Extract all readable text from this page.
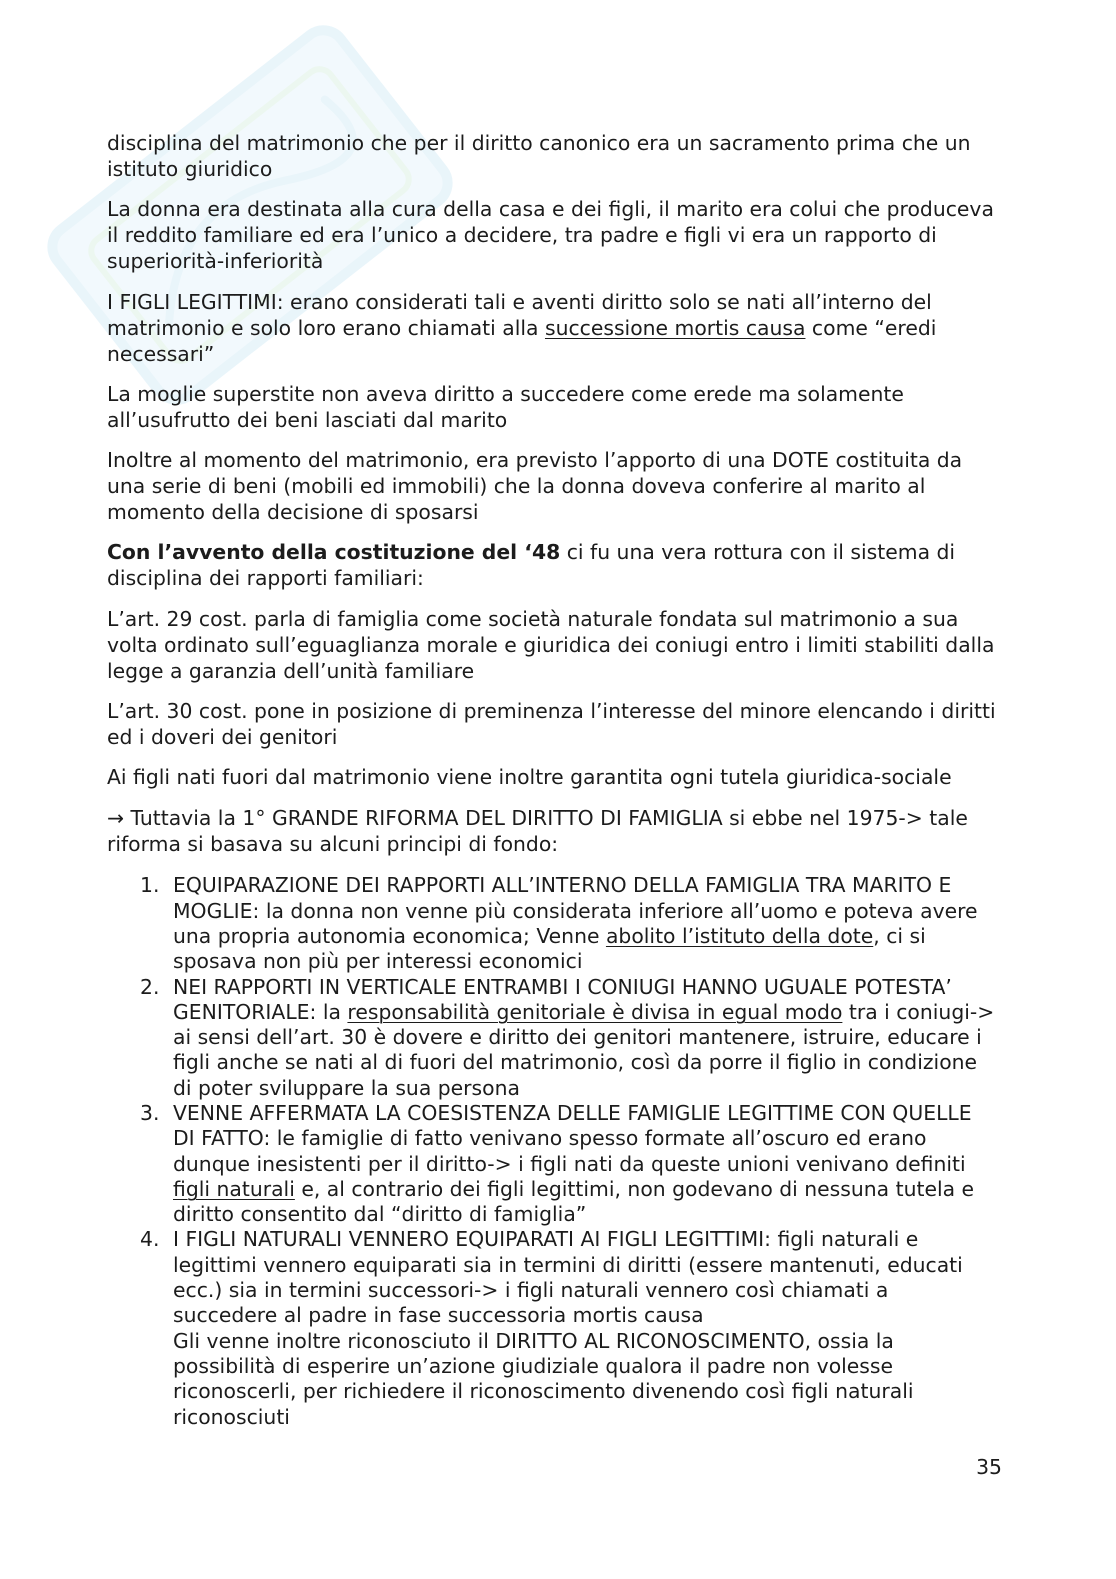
disciplina del matrimonio che per il diritto canonico era un sacramento prima che un
istituto giuridico
La donna era destinata alla cura della casa e dei figli, il marito era colui che produceva
il reddito familiare ed era l’unico a decidere, tra padre e figli vi era un rapporto di
superiorità-inferiorità
I FIGLI LEGITTIMI: erano considerati tali e aventi diritto solo se nati all’interno del
matrimonio e solo loro erano chiamati alla successione mortis causa come “eredi
necessari”
La moglie superstite non aveva diritto a succedere come erede ma solamente
all’usufrutto dei beni lasciati dal marito
Inoltre al momento del matrimonio, era previsto l’apporto di una DOTE costituita da
una serie di beni (mobili ed immobili) che la donna doveva conferire al marito al
momento della decisione di sposarsi
Con l’avvento della costituzione del ‘48 ci fu una vera rottura con il sistema di
disciplina dei rapporti familiari:
L’art. 29 cost. parla di famiglia come società naturale fondata sul matrimonio a sua
volta ordinato sull’eguaglianza morale e giuridica dei coniugi entro i limiti stabiliti dalla
legge a garanzia dell’unità familiare
L’art. 30 cost. pone in posizione di preminenza l’interesse del minore elencando i diritti
ed i doveri dei genitori
Ai figli nati fuori dal matrimonio viene inoltre garantita ogni tutela giuridica-sociale
→ Tuttavia la 1° GRANDE RIFORMA DEL DIRITTO DI FAMIGLIA si ebbe nel 1975-> tale
riforma si basava su alcuni principi di fondo:
1. EQUIPARAZIONE DEI RAPPORTI ALL’INTERNO DELLA FAMIGLIA TRA MARITO E
MOGLIE: la donna non venne più considerata inferiore all’uomo e poteva avere
una propria autonomia economica; Venne abolito l’istituto della dote, ci si
sposava non più per interessi economici
2. NEI RAPPORTI IN VERTICALE ENTRAMBI I CONIUGI HANNO UGUALE POTESTA’
GENITORIALE: la responsabilità genitoriale è divisa in egual modo tra i coniugi->
ai sensi dell’art. 30 è dovere e diritto dei genitori mantenere, istruire, educare i
figli anche se nati al di fuori del matrimonio, così da porre il figlio in condizione
di poter sviluppare la sua persona
3. VENNE AFFERMATA LA COESISTENZA DELLE FAMIGLIE LEGITTIME CON QUELLE
DI FATTO: le famiglie di fatto venivano spesso formate all’oscuro ed erano
dunque inesistenti per il diritto-> i figli nati da queste unioni venivano definiti
figli naturali e, al contrario dei figli legittimi, non godevano di nessuna tutela e
diritto consentito dal “diritto di famiglia”
4. I FIGLI NATURALI VENNERO EQUIPARATI AI FIGLI LEGITTIMI: figli naturali e
legittimi vennero equiparati sia in termini di diritti (essere mantenuti, educati
ecc.) sia in termini successori-> i figli naturali vennero così chiamati a
succedere al padre in fase successoria mortis causa
Gli venne inoltre riconosciuto il DIRITTO AL RICONOSCIMENTO, ossia la
possibilità di esperire un’azione giudiziale qualora il padre non volesse
riconoscerli, per richiedere il riconoscimento divenendo così figli naturali
riconosciuti
35
